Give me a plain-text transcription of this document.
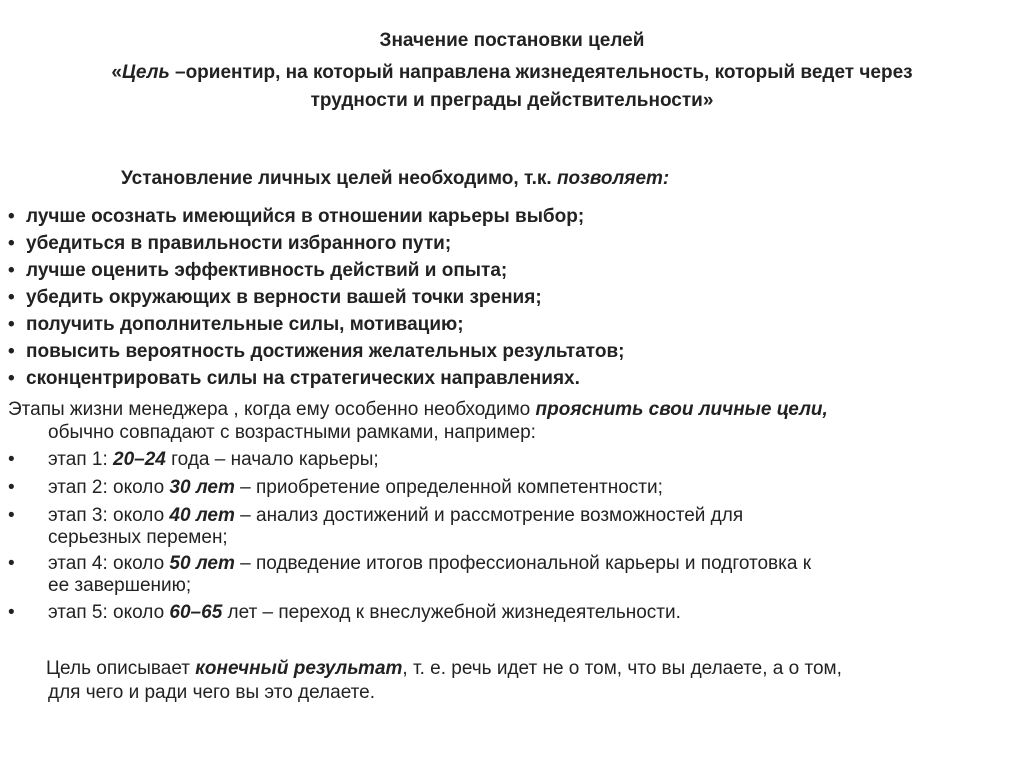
Значение постановки целей
«Цель –ориентир, на который направлена жизнедеятельность, который ведет через
трудности и преграды действительности»
Установление личных целей необходимо, т.к. позволяет:
• лучше осознать имеющийся в отношении карьеры выбор;
• убедиться в правильности избранного пути;
• лучше оценить эффективность действий и опыта;
• убедить окружающих в верности вашей точки зрения;
• получить дополнительные силы, мотивацию;
• повысить вероятность достижения желательных результатов;
• сконцентрировать силы на стратегических направлениях.
Этапы жизни менеджера , когда ему особенно необходимо прояснить свои личные цели,
обычно совпадают с возрастными рамками, например:
• этап 1: 20–24 года – начало карьеры;
• этап 2: около 30 лет – приобретение определенной компетентности;
• этап 3: около 40 лет – анализ достижений и рассмотрение возможностей для
серьезных перемен;
• этап 4: около 50 лет – подведение итогов профессиональной карьеры и подготовка к
ее завершению;
• этап 5: около 60–65 лет – переход к внеслужебной жизнедеятельности.
Цель описывает конечный результат, т. е. речь идет не о том, что вы делаете, а о том,
для чего и ради чего вы это делаете.
